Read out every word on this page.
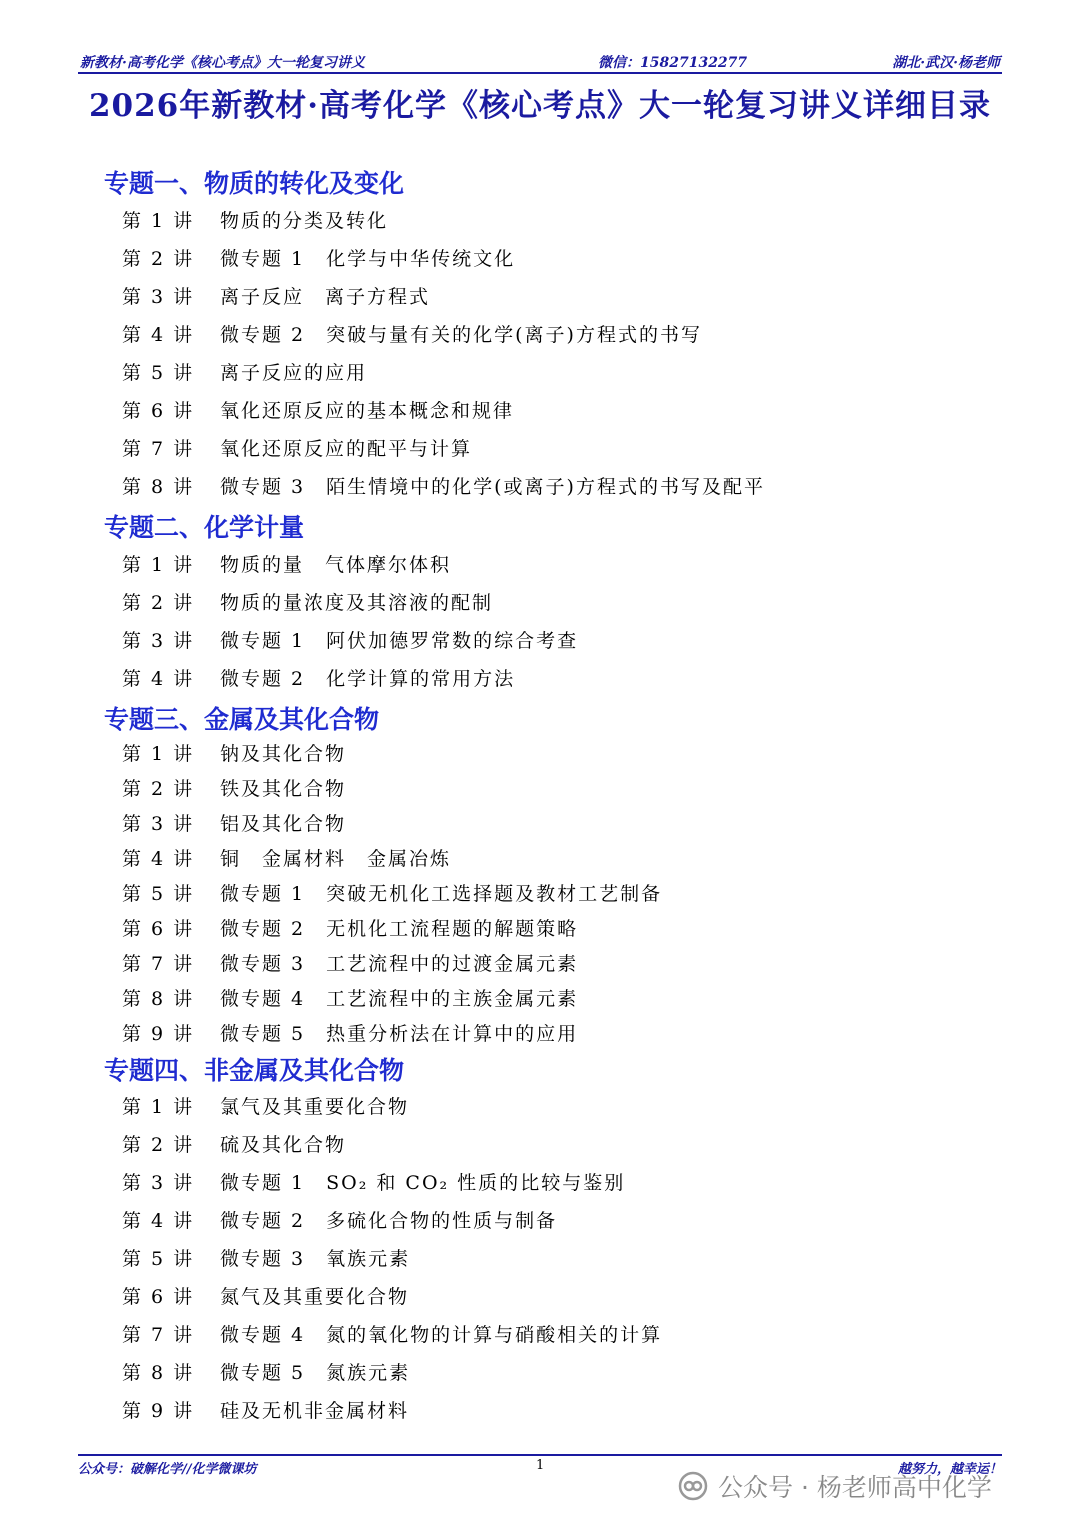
新教材·高考化学《核心考点》大一轮复习讲义	微信：15827132277	湖北·武汉·杨老师
2026年新教材·高考化学《核心考点》大一轮复习讲义详细目录
专题一、物质的转化及变化
第 1 讲 物质的分类及转化
第 2 讲 微专题 1　化学与中华传统文化
第 3 讲 离子反应　离子方程式
第 4 讲 微专题 2　突破与量有关的化学(离子)方程式的书写
第 5 讲 离子反应的应用
第 6 讲 氧化还原反应的基本概念和规律
第 7 讲 氧化还原反应的配平与计算
第 8 讲 微专题 3　陌生情境中的化学(或离子)方程式的书写及配平
专题二、化学计量
第 1 讲 物质的量　气体摩尔体积
第 2 讲 物质的量浓度及其溶液的配制
第 3 讲 微专题 1　阿伏加德罗常数的综合考查
第 4 讲 微专题 2　化学计算的常用方法
专题三、金属及其化合物
第 1 讲 钠及其化合物
第 2 讲 铁及其化合物
第 3 讲 铝及其化合物
第 4 讲 铜　金属材料　金属冶炼
第 5 讲 微专题 1　突破无机化工选择题及教材工艺制备
第 6 讲 微专题 2　无机化工流程题的解题策略
第 7 讲 微专题 3　工艺流程中的过渡金属元素
第 8 讲 微专题 4　工艺流程中的主族金属元素
第 9 讲 微专题 5　热重分析法在计算中的应用
专题四、非金属及其化合物
第 1 讲 氯气及其重要化合物
第 2 讲 硫及其化合物
第 3 讲 微专题 1　SO₂ 和 CO₂ 性质的比较与鉴别
第 4 讲 微专题 2　多硫化合物的性质与制备
第 5 讲 微专题 3　氧族元素
第 6 讲 氮气及其重要化合物
第 7 讲 微专题 4　氮的氧化物的计算与硝酸相关的计算
第 8 讲 微专题 5　氮族元素
第 9 讲 硅及无机非金属材料
公众号：破解化学//化学微课坊	1	越努力，越幸运！
公众号 · 杨老师高中化学
